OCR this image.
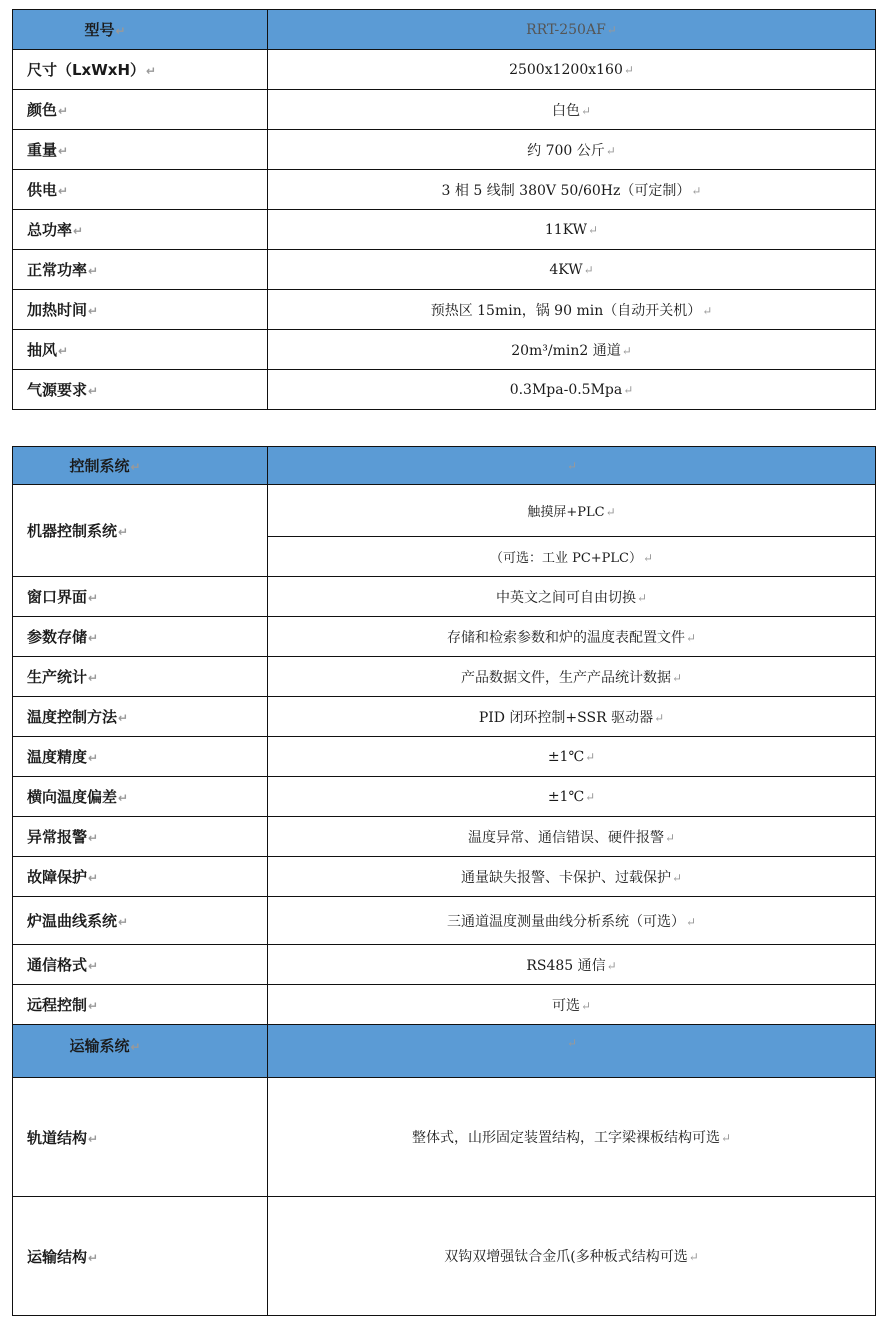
型号↵	RRT-250AF↵
尺寸（LxWxH）↵	2500x1200x160↵
颜色↵	白色↵
重量↵	约 700 公斤↵
供电↵	3 相 5 线制 380V 50/60Hz（可定制）↵
总功率↵	11KW↵
正常功率↵	4KW↵
加热时间↵	预热区 15min，锅 90 min（自动开关机）↵
抽风↵	20m³/min2 通道↵
气源要求↵	0.3Mpa-0.5Mpa↵
控制系统↵	↵
机器控制系统↵	触摸屏+PLC↵
	（可选：工业 PC+PLC）↵
窗口界面↵	中英文之间可自由切换↵
参数存储↵	存储和检索参数和炉的温度表配置文件↵
生产统计↵	产品数据文件，生产产品统计数据↵
温度控制方法↵	PID 闭环控制+SSR 驱动器↵
温度精度↵	±1℃↵
横向温度偏差↵	±1℃↵
异常报警↵	温度异常、通信错误、硬件报警↵
故障保护↵	通量缺失报警、卡保护、过载保护↵
炉温曲线系统↵	三通道温度测量曲线分析系统（可选）↵
通信格式↵	RS485 通信↵
远程控制↵	可选↵
运输系统↵	↵
轨道结构↵	整体式，山形固定装置结构，工字梁裸板结构可选↵
运输结构↵	双钩双增强钛合金爪(多种板式结构可选↵
